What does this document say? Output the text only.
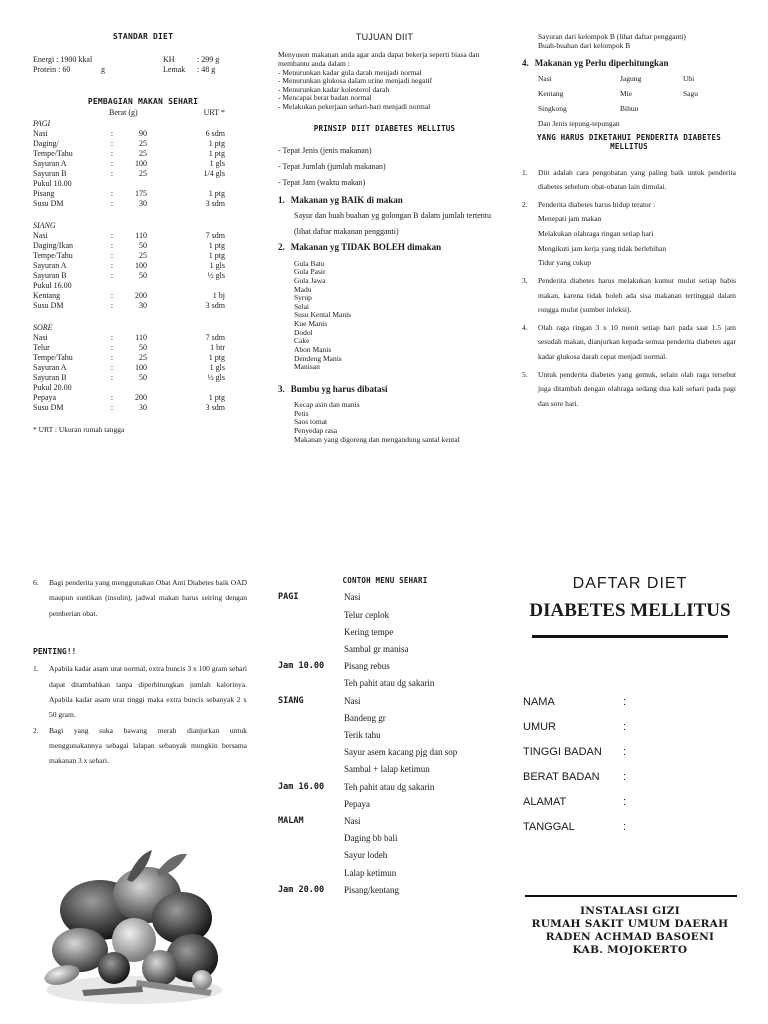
STANDAR DIET
Energi : 1900 kkal	KH	: 299 g
Protein : 60	g	Lemak	: 48 g
PEMBAGIAN MAKAN SEHARI
Berat (g)	URT *
PAGI
Nasi	:	90	6 sdm
Daging/	:	25	1 ptg
Tempe/Tahu	:	25	1 ptg
Sayuran A	:	100	1 gls
Sayuran B	:	25	1/4 gls
Pukul 10.00
Pisang	:	175	1 ptg
Susu DM	:	30	3 sdm
SIANG
Nasi	:	110	7 sdm
Daging/Ikan	:	50	1 ptg
Tempe/Tahu	:	25	1 ptg
Sayuran A	:	100	1 gls
Sayuran B	:	50	½ gls
Pukul 16.00
Kentang	:	200	1 bj
Susu DM	:	30	3 sdm
SORE
Nasi	:	110	7 sdm
Telur	:	50	1 btr
Tempe/Tahu	:	25	1 ptg
Sayuran A	:	100	1 gls
Sayuran B	:	50	½ gls
Pukul 20.00
Pepaya	:	200	1 ptg
Susu DM	:	30	3 sdm
* URT : Ukuran rumah tangga
TUJUAN DIIT
Menyusun makanan anda agar anda dapat bekerja seperti biasa dan membantu anda dalam :
- Menurunkan kadar gula darah menjadi normal
- Menurunkan glukosa dalam urine menjadi negatif
- Menurunkan kadar kolesterol darah
- Mencapai berat badan normal
- Melakukan pekerjaan sehari-hari menjadi normal
PRINSIP DIIT DIABETES MELLITUS
- Tepat Jenis (jenis makanan)
- Tepat Jumlah (jumlah makanan)
- Tepat Jam (waktu makan)
1. Makanan yg BAIK di makan
Sayur dan buah buahan yg golongan B dalam jumlah tertentu (lihat daftar makanan pengganti)
2. Makanan yg TIDAK BOLEH dimakan
Gula Batu
Gula Pasir
Gula Jawa
Madu
Syrup
Selai
Susu Kental Manis
Kue Manis
Dodol
Cake
Abon Manis
Dendeng Manis
Manisan
3. Bumbu yg harus dibatasi
Kecap asin dan manis
Petis
Saos tomat
Penyedap rasa
Makanan yang digoreng dan mengandung santal kental
Sayuran dari kelompok B (lihat daftar pengganti)
Buah-buahan dari kelompok B
4. Makanan yg Perlu diperhitungkan
Nasi	Jagung	Ubi
Kentang	Mie	Sagu
Singkong	Bihun
Dan Jenis tepung-tepungan
YANG HARUS DIKETAHUI PENDERITA DIABETES MELLITUS
1.	Diit adalah cara pengobatan yang paling baik untuk penderita diabetes sebelum obat-obatan lain dimulai.
2.	Penderita diabetes harus hidup teratur :
Menepati jam makan
Melakukan olahraga ringan setiap hari
Mengikuti jam kerja yang tidak berlebihan
Tidur yang cukup
3.	Penderita diabetes harus melakukan kumur mulut setiap habis makan, karena tidak boleh ada sisa makanan tertinggal dalam rongga mulut (sumber infeksi).
4.	Olah raga ringan 3 x 10 menit setiap hari pada saat 1.5 jam sesudah makan, dianjurkan kepada semua penderita diabetes agar kadar glukosa darah cepat menjadi normal.
5.	Untuk penderita diabetes yang gemuk, selain olah raga tersebut juga ditambah dengan olahraga sedang dua kali sehari pada pagi dan sore hari.
6.	Bagi penderita yang menggunakan Obat Anti Diabetes baik OAD maupun suntikan (insulin), jadwal makan harus seiring dengan pemberian obat.
PENTING!!
1.	Apabila kadar asam urat normal, extra buncis 3 x 100 gram sehari dapat ditambahkan tanpa diperhitungkan jumlah kalorinya. Apabila kadar asam urat tinggi maka extra buncis sebanyak 2 x 50 gram.
2.	Bagi yang suka bawang merah dianjurkan untuk menggunakannya sebagai lalapan sebanyak mungkin bersama makanan 3 x sehari.
CONTOH MENU SEHARI
PAGI	Nasi
Telur ceplok
Kering tempe
Sambal gr manisa
Jam 10.00	Pisang rebus
Teh pahit atau dg sakarin
SIANG	Nasi
Bandeng gr
Terik tahu
Sayur asem kacang pjg dan sop
Sambal + lalap ketimun
Jam 16.00	Teh pahit atau dg sakarin
Pepaya
MALAM	Nasi
Daging bb bali
Sayur lodeh
Lalap ketimun
Jam 20.00	Pisang/kentang
DAFTAR DIET
DIABETES MELLITUS
NAMA	:
UMUR	:
TINGGI BADAN	:
BERAT BADAN	:
ALAMAT	:
TANGGAL	:
INSTALASI GIZI
RUMAH SAKIT UMUM DAERAH
RADEN ACHMAD BASOENI
KAB. MOJOKERTO
